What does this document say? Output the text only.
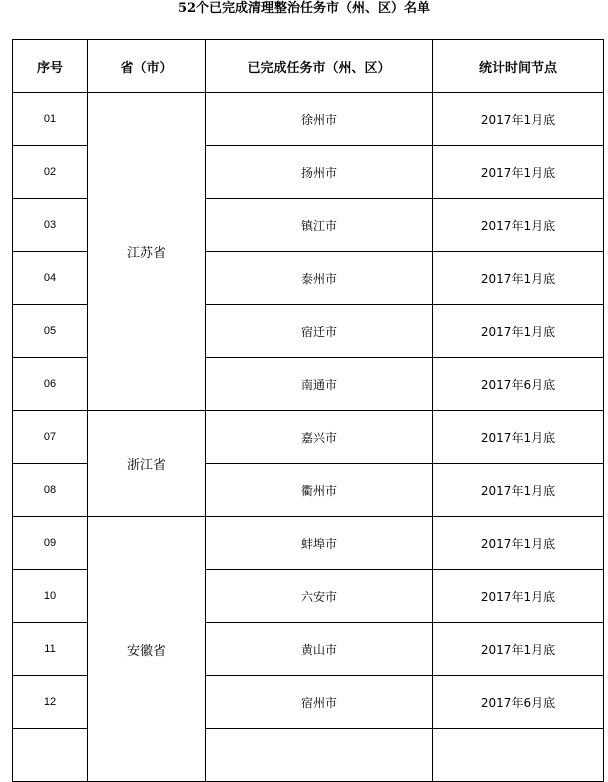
52个已完成清理整治任务市（州、区）名单
序号	省（市）	已完成任务市（州、区）	统计时间节点
01	江苏省	徐州市	2017年1月底
02		扬州市	2017年1月底
03		镇江市	2017年1月底
04		泰州市	2017年1月底
05		宿迁市	2017年1月底
06		南通市	2017年6月底
07	浙江省	嘉兴市	2017年1月底
08		衢州市	2017年1月底
09	安徽省	蚌埠市	2017年1月底
10		六安市	2017年1月底
11		黄山市	2017年1月底
12		宿州市	2017年6月底
